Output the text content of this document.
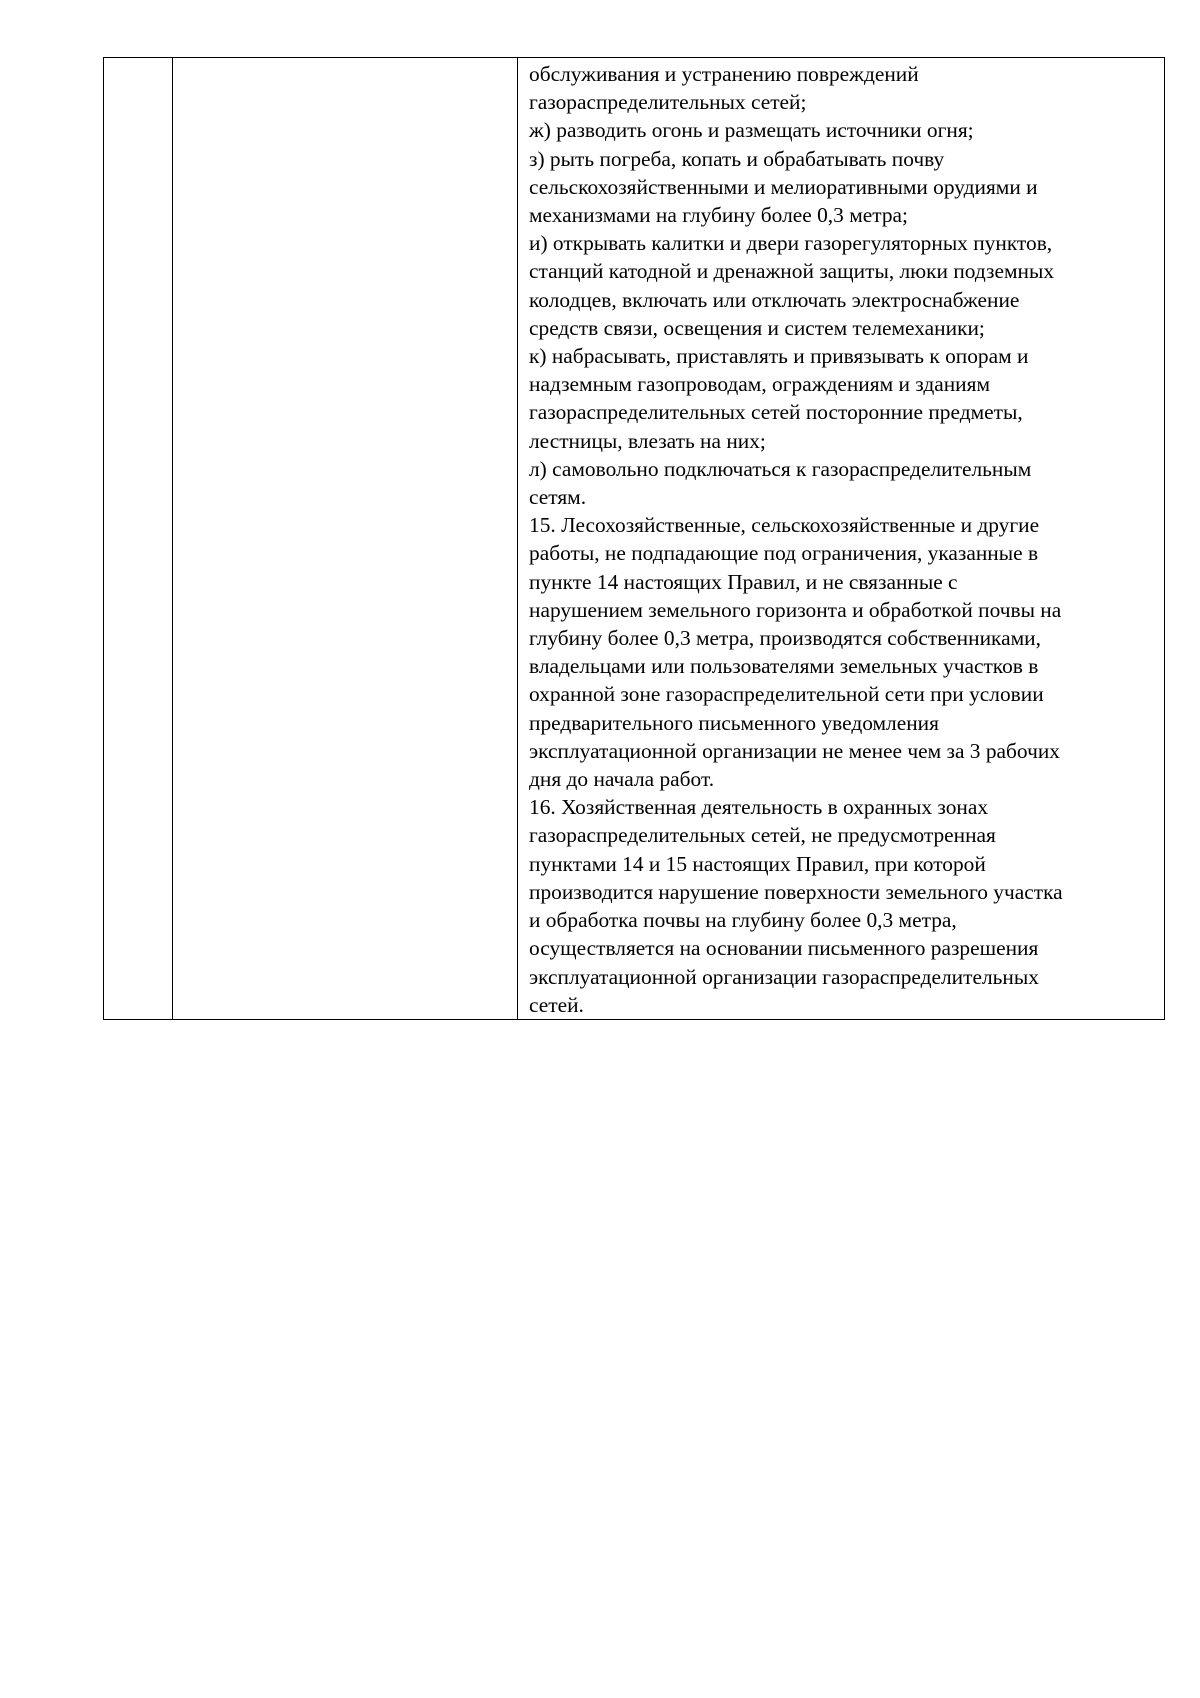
обслуживания и устранению повреждений
газораспределительных сетей;
ж) разводить огонь и размещать источники огня;
з) рыть погреба, копать и обрабатывать почву
сельскохозяйственными и мелиоративными орудиями и
механизмами на глубину более 0,3 метра;
и) открывать калитки и двери газорегуляторных пунктов,
станций катодной и дренажной защиты, люки подземных
колодцев, включать или отключать электроснабжение
средств связи, освещения и систем телемеханики;
к) набрасывать, приставлять и привязывать к опорам и
надземным газопроводам, ограждениям и зданиям
газораспределительных сетей посторонние предметы,
лестницы, влезать на них;
л) самовольно подключаться к газораспределительным
сетям.
15. Лесохозяйственные, сельскохозяйственные и другие
работы, не подпадающие под ограничения, указанные в
пункте 14 настоящих Правил, и не связанные с
нарушением земельного горизонта и обработкой почвы на
глубину более 0,3 метра, производятся собственниками,
владельцами или пользователями земельных участков в
охранной зоне газораспределительной сети при условии
предварительного письменного уведомления
эксплуатационной организации не менее чем за 3 рабочих
дня до начала работ.
16. Хозяйственная деятельность в охранных зонах
газораспределительных сетей, не предусмотренная
пунктами 14 и 15 настоящих Правил, при которой
производится нарушение поверхности земельного участка
и обработка почвы на глубину более 0,3 метра,
осуществляется на основании письменного разрешения
эксплуатационной организации газораспределительных
сетей.
